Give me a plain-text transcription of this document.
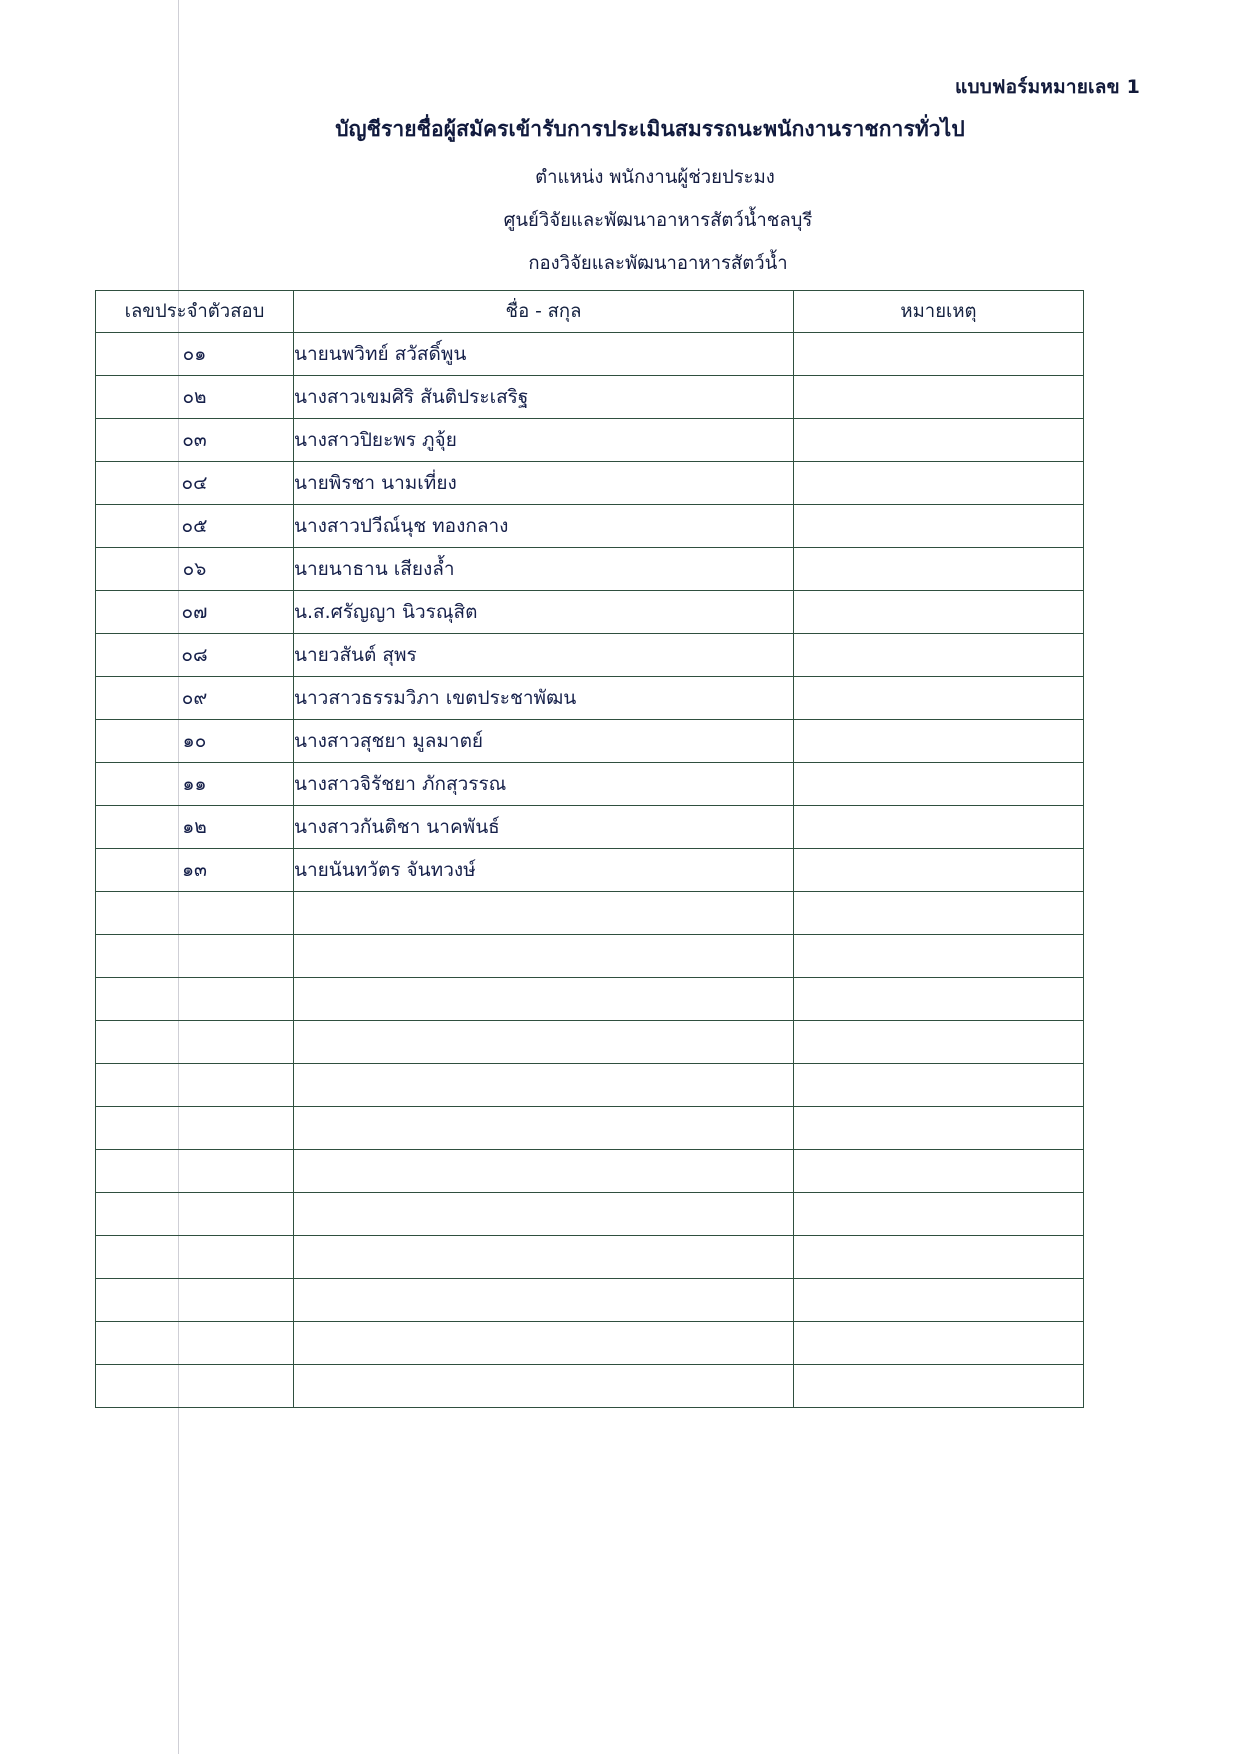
แบบฟอร์มหมายเลข 1
บัญชีรายชื่อผู้สมัครเข้ารับการประเมินสมรรถนะพนักงานราชการทั่วไป
ตำแหน่ง พนักงานผู้ช่วยประมง
ศูนย์วิจัยและพัฒนาอาหารสัตว์น้ำชลบุรี
กองวิจัยและพัฒนาอาหารสัตว์น้ำ
เลขประจำตัวสอบ	ชื่อ - สกุล	หมายเหตุ
๐๑	นายนพวิทย์ สวัสดิ์พูน	
๐๒	นางสาวเขมศิริ สันติประเสริฐ	
๐๓	นางสาวปิยะพร ภูจุ้ย	
๐๔	นายพิรชา นามเที่ยง	
๐๕	นางสาวปวีณ์นุช ทองกลาง	
๐๖	นายนาธาน เสียงล้ำ	
๐๗	น.ส.ศรัญญา นิวรณุสิต	
๐๘	นายวสันต์ สุพร	
๐๙	นาวสาวธรรมวิภา เขตประชาพัฒน	
๑๐	นางสาวสุชยา มูลมาตย์	
๑๑	นางสาวจิรัชยา ภักสุวรรณ	
๑๒	นางสาวกันติชา นาคพันธ์	
๑๓	นายนันทวัตร จันทวงษ์	
